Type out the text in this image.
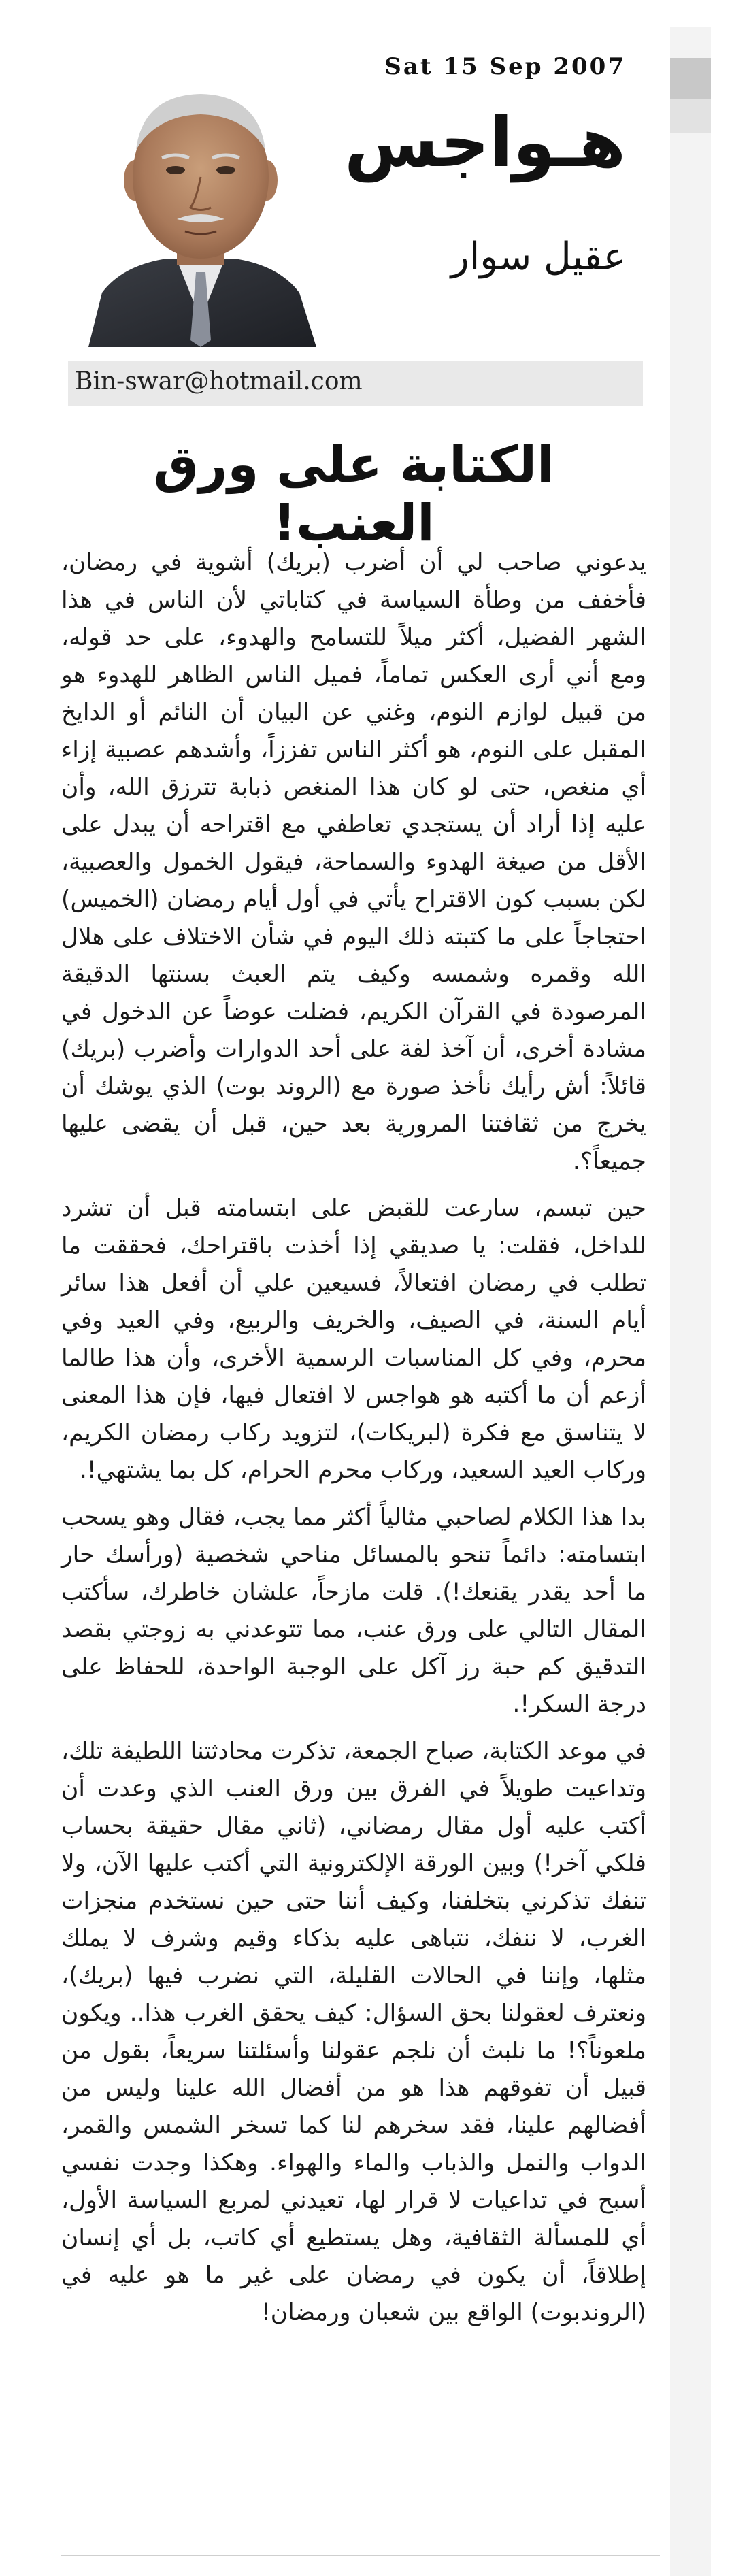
Sat 15 Sep 2007
هـواجس
عقيل سوار
Bin-swar@hotmail.com
الكتابة على ورق العنب!

يدعوني صاحب لي أن أضرب (بريك) أشوية في رمضان، فأخفف من وطأة السياسة في كتاباتي لأن الناس في هذا الشهر الفضيل، أكثر ميلاً للتسامح والهدوء، على حد قوله، ومع أني أرى العكس تماماً، فميل الناس الظاهر للهدوء هو من قبيل لوازم النوم، وغني عن البيان أن النائم أو الدايخ المقبل على النوم، هو أكثر الناس تفززاً، وأشدهم عصبية إزاء أي منغص، حتى لو كان هذا المنغص ذبابة تترزق الله، وأن عليه إذا أراد أن يستجدي تعاطفي مع اقتراحه أن يبدل على الأقل من صيغة الهدوء والسماحة، فيقول الخمول والعصبية، لكن بسبب كون الاقتراح يأتي في أول أيام رمضان (الخميس) احتجاجاً على ما كتبته ذلك اليوم في شأن الاختلاف على هلال الله وقمره وشمسه وكيف يتم العبث بسنتها الدقيقة المرصودة في القرآن الكريم، فضلت عوضاً عن الدخول في مشادة أخرى، أن آخذ لفة على أحد الدوارات وأضرب (بريك) قائلاً: أش رأيك نأخذ صورة مع (الروند بوت) الذي يوشك أن يخرج من ثقافتنا المرورية بعد حين، قبل أن يقضى عليها جميعاً؟.

حين تبسم، سارعت للقبض على ابتسامته قبل أن تشرد للداخل، فقلت: يا صديقي إذا أخذت باقتراحك، فحققت ما تطلب في رمضان افتعالاً، فسيعين علي أن أفعل هذا سائر أيام السنة، في الصيف، والخريف والربيع، وفي العيد وفي محرم، وفي كل المناسبات الرسمية الأخرى، وأن هذا طالما أزعم أن ما أكتبه هو هواجس لا افتعال فيها، فإن هذا المعنى لا يتناسق مع فكرة (لبريكات)، لتزويد ركاب رمضان الكريم، وركاب العيد السعيد، وركاب محرم الحرام، كل بما يشتهي!.

بدا هذا الكلام لصاحبي مثالياً أكثر مما يجب، فقال وهو يسحب ابتسامته: دائماً تنحو بالمسائل مناحي شخصية (ورأسك حار ما أحد يقدر يقنعك!). قلت مازحاً، علشان خاطرك، سأكتب المقال التالي على ورق عنب، مما تتوعدني به زوجتي بقصد التدقيق كم حبة رز آكل على الوجبة الواحدة، للحفاظ على درجة السكر!.

في موعد الكتابة، صباح الجمعة، تذكرت محادثتنا اللطيفة تلك، وتداعيت طويلاً في الفرق بين ورق العنب الذي وعدت أن أكتب عليه أول مقال رمضاني، (ثاني مقال حقيقة بحساب فلكي آخر!) وبين الورقة الإلكترونية التي أكتب عليها الآن، ولا تنفك تذكرني بتخلفنا، وكيف أننا حتى حين نستخدم منجزات الغرب، لا ننفك، نتباهى عليه بذكاء وقيم وشرف لا يملك مثلها، وإننا في الحالات القليلة، التي نضرب فيها (بريك)، ونعترف لعقولنا بحق السؤال: كيف يحقق الغرب هذا.. ويكون ملعوناً؟! ما نلبث أن نلجم عقولنا وأسئلتنا سريعاً، بقول من قبيل أن تفوقهم هذا هو من أفضال الله علينا وليس من أفضالهم علينا، فقد سخرهم لنا كما تسخر الشمس والقمر، الدواب والنمل والذباب والماء والهواء. وهكذا وجدت نفسي أسبح في تداعيات لا قرار لها، تعيدني لمربع السياسة الأول، أي للمسألة الثقافية، وهل يستطيع أي كاتب، بل أي إنسان إطلاقاً، أن يكون في رمضان على غير ما هو عليه في (الروندبوت) الواقع بين شعبان ورمضان!
